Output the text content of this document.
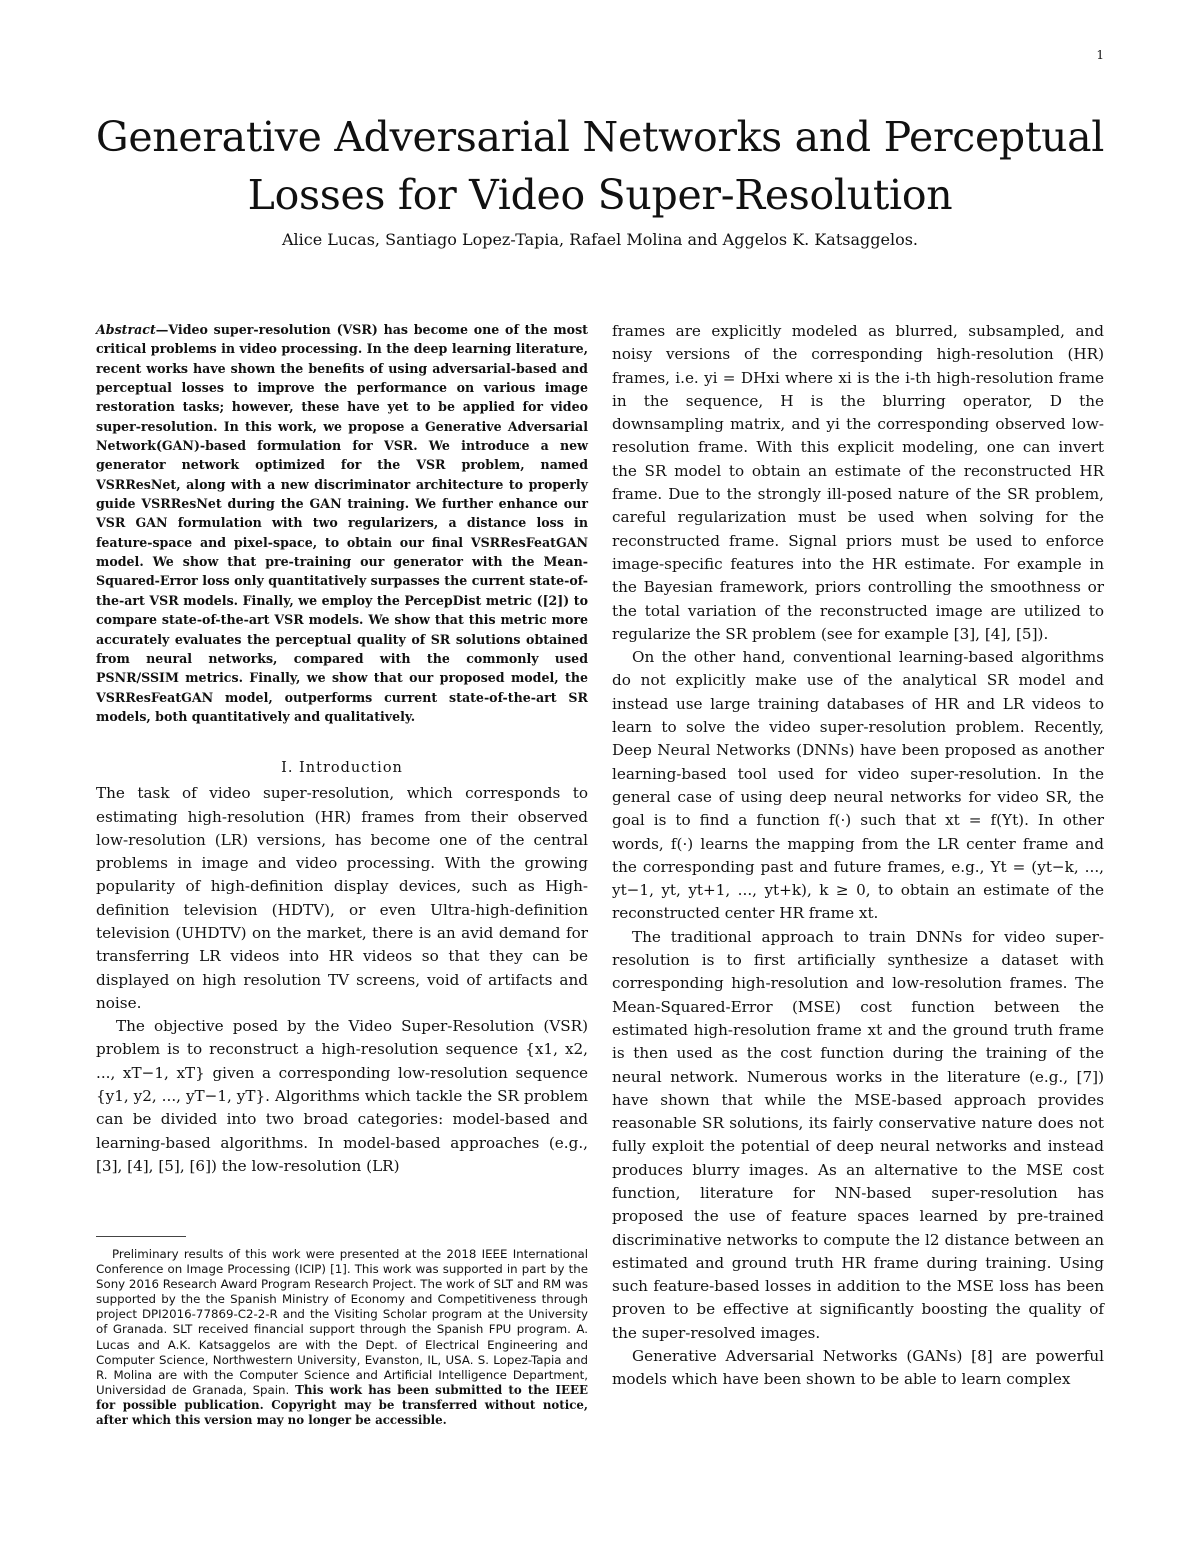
1
Generative Adversarial Networks and Perceptual Losses for Video Super-Resolution
Alice Lucas, Santiago Lopez-Tapia, Rafael Molina and Aggelos K. Katsaggelos.

Abstract—Video super-resolution (VSR) has become one of the most critical problems in video processing. In the deep learning literature, recent works have shown the benefits of using adversarial-based and perceptual losses to improve the performance on various image restoration tasks; however, these have yet to be applied for video super-resolution. In this work, we propose a Generative Adversarial Network(GAN)-based formulation for VSR. We introduce a new generator network optimized for the VSR problem, named VSRResNet, along with a new discriminator architecture to properly guide VSRResNet during the GAN training. We further enhance our VSR GAN formulation with two regularizers, a distance loss in feature-space and pixel-space, to obtain our final VSRResFeatGAN model. We show that pre-training our generator with the Mean-Squared-Error loss only quantitatively surpasses the current state-of-the-art VSR models. Finally, we employ the PercepDist metric ([2]) to compare state-of-the-art VSR models. We show that this metric more accurately evaluates the perceptual quality of SR solutions obtained from neural networks, compared with the commonly used PSNR/SSIM metrics. Finally, we show that our proposed model, the VSRResFeatGAN model, outperforms current state-of-the-art SR models, both quantitatively and qualitatively.

I. Introduction

The task of video super-resolution, which corresponds to estimating high-resolution (HR) frames from their observed low-resolution (LR) versions, has become one of the central problems in image and video processing. With the growing popularity of high-definition display devices, such as High-definition television (HDTV), or even Ultra-high-definition television (UHDTV) on the market, there is an avid demand for transferring LR videos into HR videos so that they can be displayed on high resolution TV screens, void of artifacts and noise.

The objective posed by the Video Super-Resolution (VSR) problem is to reconstruct a high-resolution sequence {x1, x2, ..., xT−1, xT} given a corresponding low-resolution sequence {y1, y2, ..., yT−1, yT}. Algorithms which tackle the SR problem can be divided into two broad categories: model-based and learning-based algorithms. In model-based approaches (e.g., [3], [4], [5], [6]) the low-resolution (LR)

frames are explicitly modeled as blurred, subsampled, and noisy versions of the corresponding high-resolution (HR) frames, i.e. yi = DHxi where xi is the i-th high-resolution frame in the sequence, H is the blurring operator, D the downsampling matrix, and yi the corresponding observed low-resolution frame. With this explicit modeling, one can invert the SR model to obtain an estimate of the reconstructed HR frame. Due to the strongly ill-posed nature of the SR problem, careful regularization must be used when solving for the reconstructed frame. Signal priors must be used to enforce image-specific features into the HR estimate. For example in the Bayesian framework, priors controlling the smoothness or the total variation of the reconstructed image are utilized to regularize the SR problem (see for example [3], [4], [5]).

On the other hand, conventional learning-based algorithms do not explicitly make use of the analytical SR model and instead use large training databases of HR and LR videos to learn to solve the video super-resolution problem. Recently, Deep Neural Networks (DNNs) have been proposed as another learning-based tool used for video super-resolution. In the general case of using deep neural networks for video SR, the goal is to find a function f(·) such that xt = f(Yt). In other words, f(·) learns the mapping from the LR center frame and the corresponding past and future frames, e.g., Yt = (yt−k, ..., yt−1, yt, yt+1, ..., yt+k), k ≥ 0, to obtain an estimate of the reconstructed center HR frame xt.

The traditional approach to train DNNs for video super-resolution is to first artificially synthesize a dataset with corresponding high-resolution and low-resolution frames. The Mean-Squared-Error (MSE) cost function between the estimated high-resolution frame xt and the ground truth frame is then used as the cost function during the training of the neural network. Numerous works in the literature (e.g., [7]) have shown that while the MSE-based approach provides reasonable SR solutions, its fairly conservative nature does not fully exploit the potential of deep neural networks and instead produces blurry images. As an alternative to the MSE cost function, literature for NN-based super-resolution has proposed the use of feature spaces learned by pre-trained discriminative networks to compute the l2 distance between an estimated and ground truth HR frame during training. Using such feature-based losses in addition to the MSE loss has been proven to be effective at significantly boosting the quality of the super-resolved images.

Generative Adversarial Networks (GANs) [8] are powerful models which have been shown to be able to learn complex

Preliminary results of this work were presented at the 2018 IEEE International Conference on Image Processing (ICIP) [1]. This work was supported in part by the Sony 2016 Research Award Program Research Project. The work of SLT and RM was supported by the the Spanish Ministry of Economy and Competitiveness through project DPI2016-77869-C2-2-R and the Visiting Scholar program at the University of Granada. SLT received financial support through the Spanish FPU program. A. Lucas and A.K. Katsaggelos are with the Dept. of Electrical Engineering and Computer Science, Northwestern University, Evanston, IL, USA. S. Lopez-Tapia and R. Molina are with the Computer Science and Artificial Intelligence Department, Universidad de Granada, Spain. This work has been submitted to the IEEE for possible publication. Copyright may be transferred without notice, after which this version may no longer be accessible.
